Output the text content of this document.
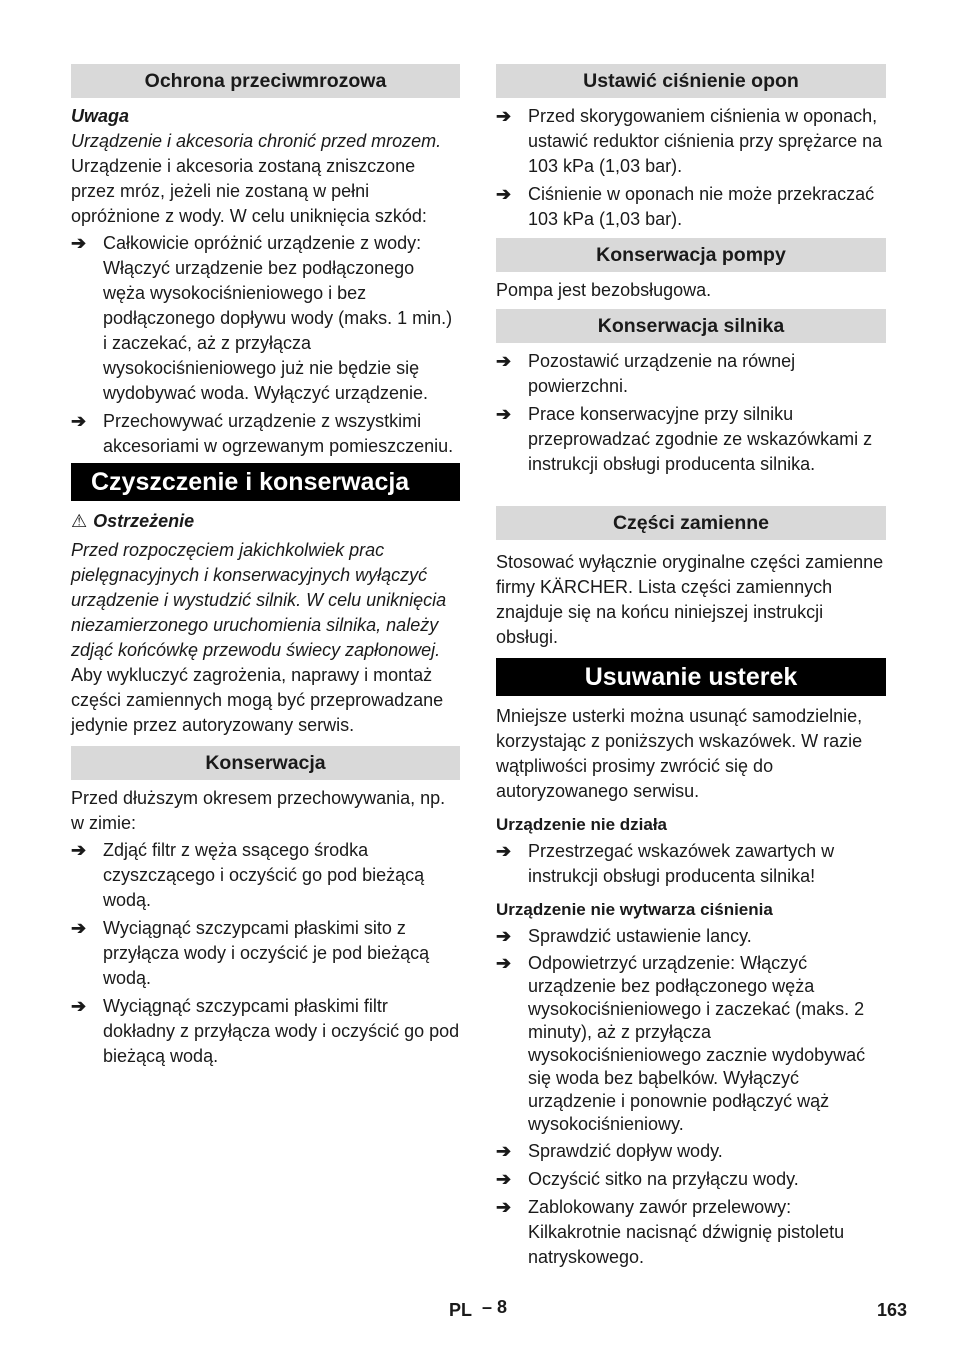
Ochrona przeciwmrozowa

Uwaga

Urządzenie i akcesoria chronić przed mrozem.

Urządzenie i akcesoria zostaną zniszczone przez mróz, jeżeli nie zostaną w pełni opróżnione z wody. W celu uniknięcia szkód:

➔ Całkowicie opróżnić urządzenie z wody: Włączyć urządzenie bez podłączonego węża wysokociśnieniowego i bez podłączonego dopływu wody (maks. 1 min.) i zaczekać, aż z przyłącza wysokociśnieniowego już nie będzie się wydobywać woda. Wyłączyć urządzenie.
➔ Przechowywać urządzenie z wszystkimi akcesoriami w ogrzewanym pomieszczeniu.
Czyszczenie i konserwacja

⚠ Ostrzeżenie

Przed rozpoczęciem jakichkolwiek prac pielęgnacyjnych i konserwacyjnych wyłączyć urządzenie i wystudzić silnik. W celu uniknięcia niezamierzonego uruchomienia silnika, należy zdjąć końcówkę przewodu świecy zapłonowej.

Aby wykluczyć zagrożenia, naprawy i montaż części zamiennych mogą być przeprowadzane jedynie przez autoryzowany serwis.

Konserwacja

Przed dłuższym okresem przechowywania, np. w zimie:

➔ Zdjąć filtr z węża ssącego środka czyszczącego i oczyścić go pod bieżącą wodą.
➔ Wyciągnąć szczypcami płaskimi sito z przyłącza wody i oczyścić je pod bieżącą wodą.
➔ Wyciągnąć szczypcami płaskimi filtr dokładny z przyłącza wody i oczyścić go pod bieżącą wodą.
Ustawić ciśnienie opon
➔ Przed skorygowaniem ciśnienia w oponach, ustawić reduktor ciśnienia przy sprężarce na 103 kPa (1,03 bar).
➔ Ciśnienie w oponach nie może przekraczać 103 kPa (1,03 bar).
Konserwacja pompy

Pompa jest bezobsługowa.

Konserwacja silnika
➔ Pozostawić urządzenie na równej powierzchni.
➔ Prace konserwacyjne przy silniku przeprowadzać zgodnie ze wskazówkami z instrukcji obsługi producenta silnika.
Części zamienne

Stosować wyłącznie oryginalne części zamienne firmy KÄRCHER. Lista części zamiennych znajduje się na końcu niniejszej instrukcji obsługi.

Usuwanie usterek

Mniejsze usterki można usunąć samodzielnie, korzystając z poniższych wskazówek. W razie wątpliwości prosimy zwrócić się do autoryzowanego serwisu.

Urządzenie nie działa

➔ Przestrzegać wskazówek zawartych w instrukcji obsługi producenta silnika!

Urządzenie nie wytwarza ciśnienia

➔ Sprawdzić ustawienie lancy.
➔ Odpowietrzyć urządzenie: Włączyć urządzenie bez podłączonego węża wysokociśnieniowego i zaczekać (maks. 2 minuty), aż z przyłącza wysokociśnieniowego zacznie wydobywać się woda bez bąbelków. Wyłączyć urządzenie i ponownie podłączyć wąż wysokociśnieniowy.
➔ Sprawdzić dopływ wody.
➔ Oczyścić sitko na przyłączu wody.
➔ Zablokowany zawór przelewowy: Kilkakrotnie nacisnąć dźwignię pistoletu natryskowego.
PL – 8	163
